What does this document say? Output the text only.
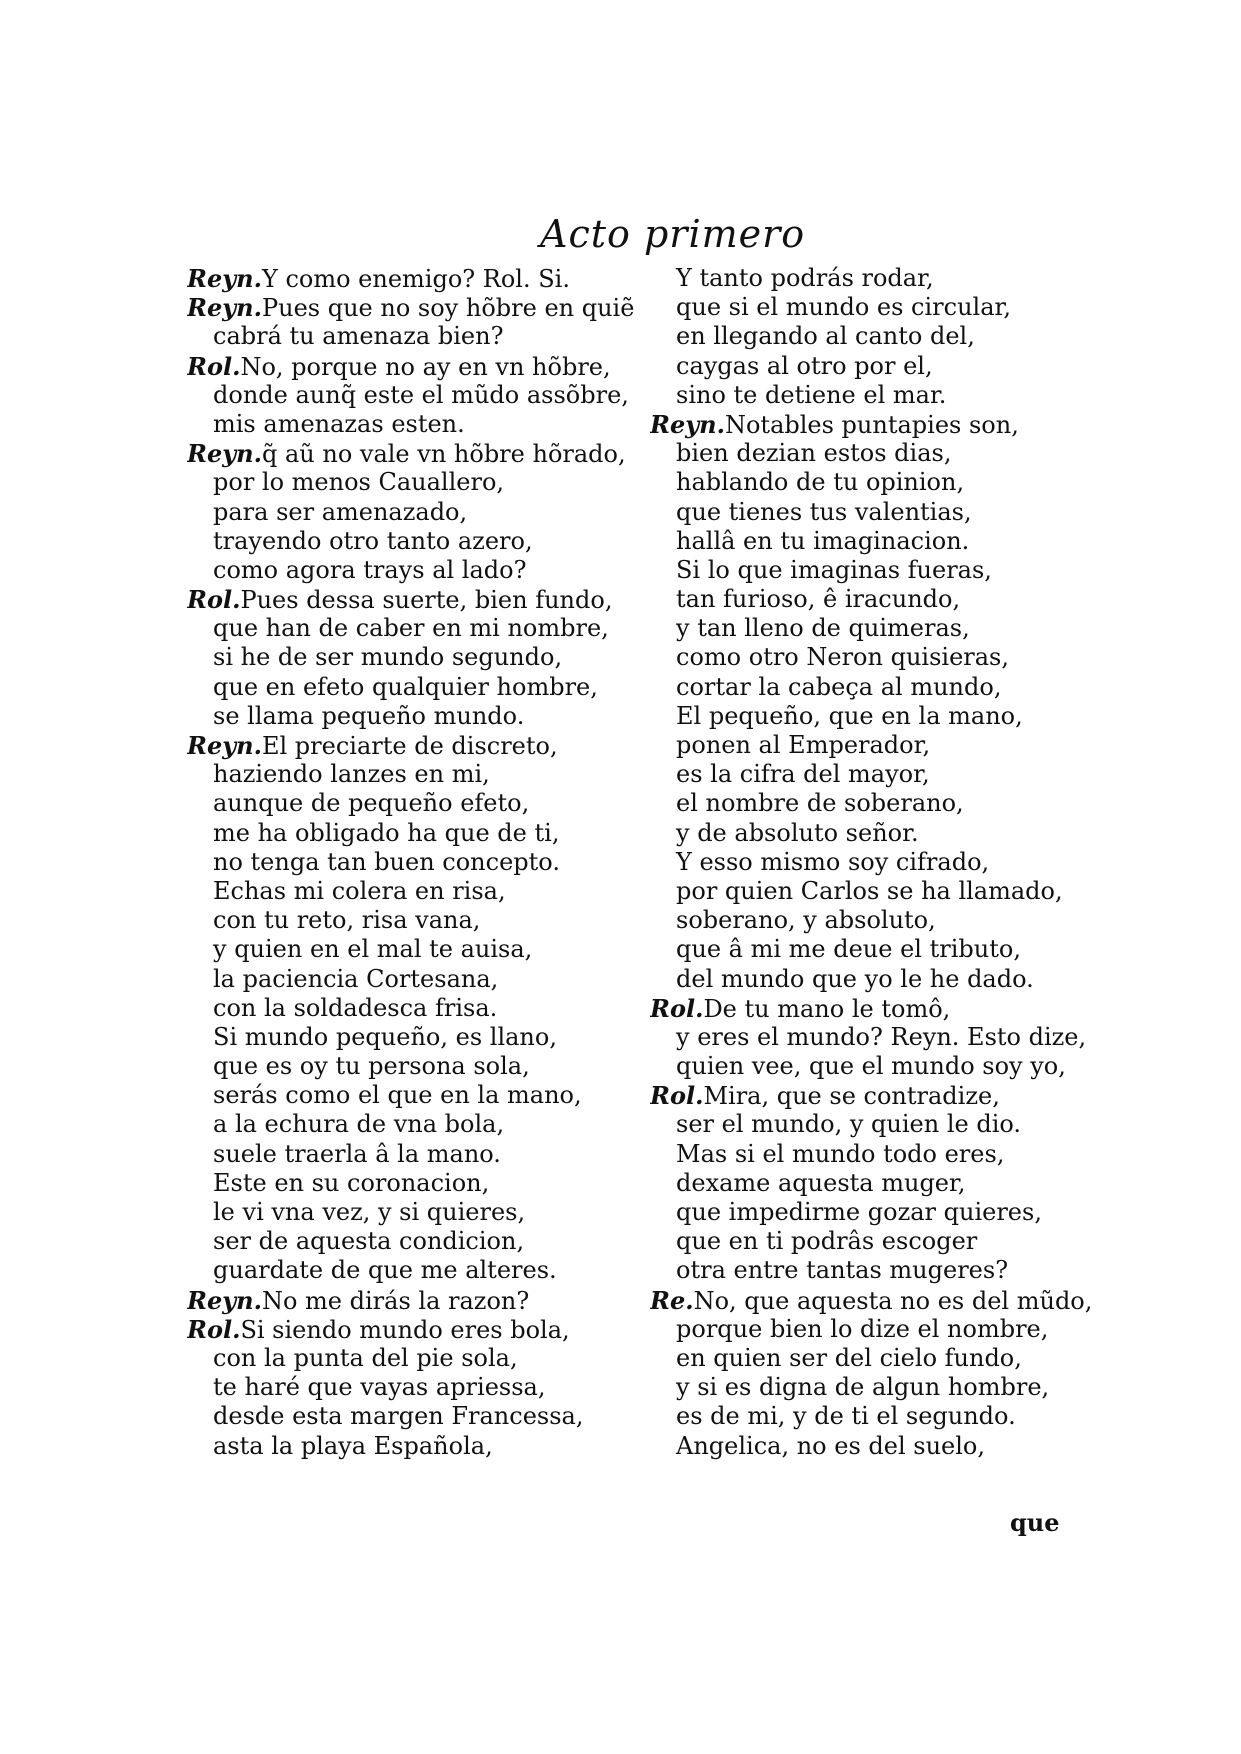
Acto primero
Reyn.Y como enemigo? Rol. Si.
Reyn.Pues que no soy hõbre en quiẽ
cabrá tu amenaza bien?
Rol.No, porque no ay en vn hõbre,
donde aunq̃ este el mũdo assõbre,
mis amenazas esten.
Reyn.q̃ aũ no vale vn hõbre hõrado,
por lo menos Cauallero,
para ser amenazado,
trayendo otro tanto azero,
como agora trays al lado?
Rol.Pues dessa suerte, bien fundo,
que han de caber en mi nombre,
si he de ser mundo segundo,
que en efeto qualquier hombre,
se llama pequeño mundo.
Reyn.El preciarte de discreto,
haziendo lanzes en mi,
aunque de pequeño efeto,
me ha obligado ha que de ti,
no tenga tan buen concepto.
Echas mi colera en risa,
con tu reto, risa vana,
y quien en el mal te auisa,
la paciencia Cortesana,
con la soldadesca frisa.
Si mundo pequeño, es llano,
que es oy tu persona sola,
serás como el que en la mano,
a la echura de vna bola,
suele traerla â la mano.
Este en su coronacion,
le vi vna vez, y si quieres,
ser de aquesta condicion,
guardate de que me alteres.
Reyn.No me dirás la razon?
Rol.Si siendo mundo eres bola,
con la punta del pie sola,
te haré que vayas apriessa,
desde esta margen Francessa,
asta la playa Española,
Y tanto podrás rodar,
que si el mundo es circular,
en llegando al canto del,
caygas al otro por el,
sino te detiene el mar.
Reyn.Notables puntapies son,
bien dezian estos dias,
hablando de tu opinion,
que tienes tus valentias,
hallâ en tu imaginacion.
Si lo que imaginas fueras,
tan furioso, ê iracundo,
y tan lleno de quimeras,
como otro Neron quisieras,
cortar la cabeça al mundo,
El pequeño, que en la mano,
ponen al Emperador,
es la cifra del mayor,
el nombre de soberano,
y de absoluto señor.
Y esso mismo soy cifrado,
por quien Carlos se ha llamado,
soberano, y absoluto,
que â mi me deue el tributo,
del mundo que yo le he dado.
Rol.De tu mano le tomô,
y eres el mundo? Reyn. Esto dize,
quien vee, que el mundo soy yo,
Rol.Mira, que se contradize,
ser el mundo, y quien le dio.
Mas si el mundo todo eres,
dexame aquesta muger,
que impedirme gozar quieres,
que en ti podrâs escoger
otra entre tantas mugeres?
Re.No, que aquesta no es del mũdo,
porque bien lo dize el nombre,
en quien ser del cielo fundo,
y si es digna de algun hombre,
es de mi, y de ti el segundo.
Angelica, no es del suelo,
que
